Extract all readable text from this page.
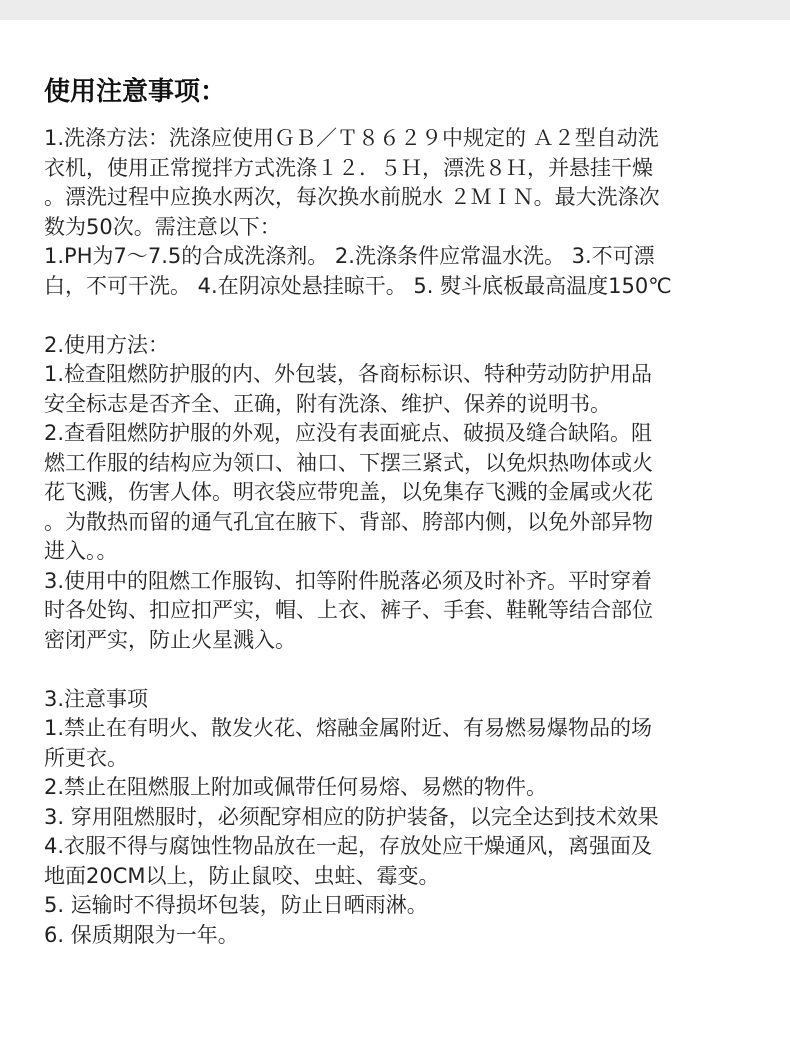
使用注意事项：
1.洗涤方法：洗涤应使用ＧＢ／Ｔ８６２９中规定的 Ａ２型自动洗
衣机，使用正常搅拌方式洗涤１２．５Ｈ，漂洗８Ｈ，并悬挂干燥
。漂洗过程中应换水两次，每次换水前脱水 ２ＭＩＮ。最大洗涤次
数为50次。需注意以下：
1.PH为7～7.5的合成洗涤剂。 2.洗涤条件应常温水洗。 3.不可漂
白，不可干洗。 4.在阴凉处悬挂晾干。 5. 熨斗底板最高温度150℃
2.使用方法：
1.检查阻燃防护服的内、外包装，各商标标识、特种劳动防护用品
安全标志是否齐全、正确，附有洗涤、维护、保养的说明书。
2.查看阻燃防护服的外观，应没有表面疵点、破损及缝合缺陷。阻
燃工作服的结构应为领口、袖口、下摆三紧式，以免炽热吻体或火
花飞溅，伤害人体。明衣袋应带兜盖，以免集存飞溅的金属或火花
。为散热而留的通气孔宜在腋下、背部、胯部内侧，以免外部异物
进入。。
3.使用中的阻燃工作服钩、扣等附件脱落必须及时补齐。平时穿着
时各处钩、扣应扣严实，帽、上衣、裤子、手套、鞋靴等结合部位
密闭严实，防止火星溅入。
3.注意事项
1.禁止在有明火、散发火花、熔融金属附近、有易燃易爆物品的场
所更衣。
2.禁止在阻燃服上附加或佩带任何易熔、易燃的物件。
3. 穿用阻燃服时，必须配穿相应的防护装备，以完全达到技术效果
4.衣服不得与腐蚀性物品放在一起，存放处应干燥通风，离强面及
地面20CM以上，防止鼠咬、虫蛀、霉变。
5. 运输时不得损坏包装，防止日晒雨淋。
6. 保质期限为一年。
